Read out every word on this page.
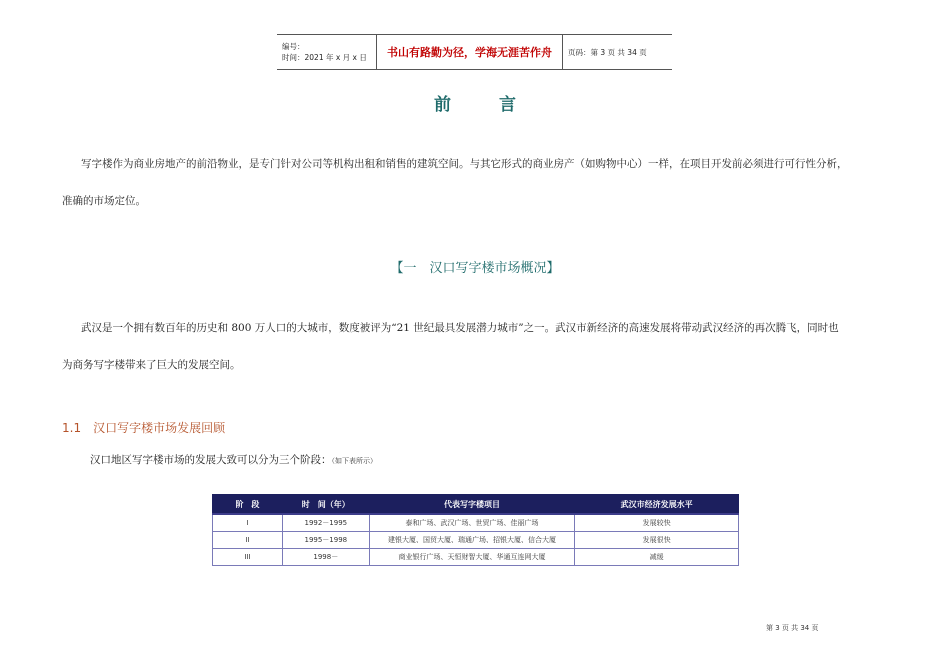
编号：
时间：2021 年 x 月 x 日	书山有路勤为径，学海无涯苦作舟	页码：第 3 页 共 34 页
前言
写字楼作为商业房地产的前沿物业，是专门针对公司等机构出租和销售的建筑空间。与其它形式的商业房产（如购物中心）一样，在项目开发前必须进行可行性分析，
准确的市场定位。
【一　汉口写字楼市场概况】
武汉是一个拥有数百年的历史和 800 万人口的大城市，数度被评为“21 世纪最具发展潜力城市”之一。武汉市新经济的高速发展将带动武汉经济的再次腾飞，同时也
为商务写字楼带来了巨大的发展空间。
1.1　汉口写字楼市场发展回顾
汉口地区写字楼市场的发展大致可以分为三个阶段：（如下表所示）
阶　段	时　间（年）	代表写字楼项目	武汉市经济发展水平
I	1992－1995	泰和广场、武汉广场、世贸广场、佳丽广场	发展较快
II	1995－1998	建银大厦、国贸大厦、瑞通广场、招银大厦、信合大厦	发展很快
III	1998－	商业银行广场、天恒财智大厦、华通互连网大厦	减缓
第 3 页 共 34 页
